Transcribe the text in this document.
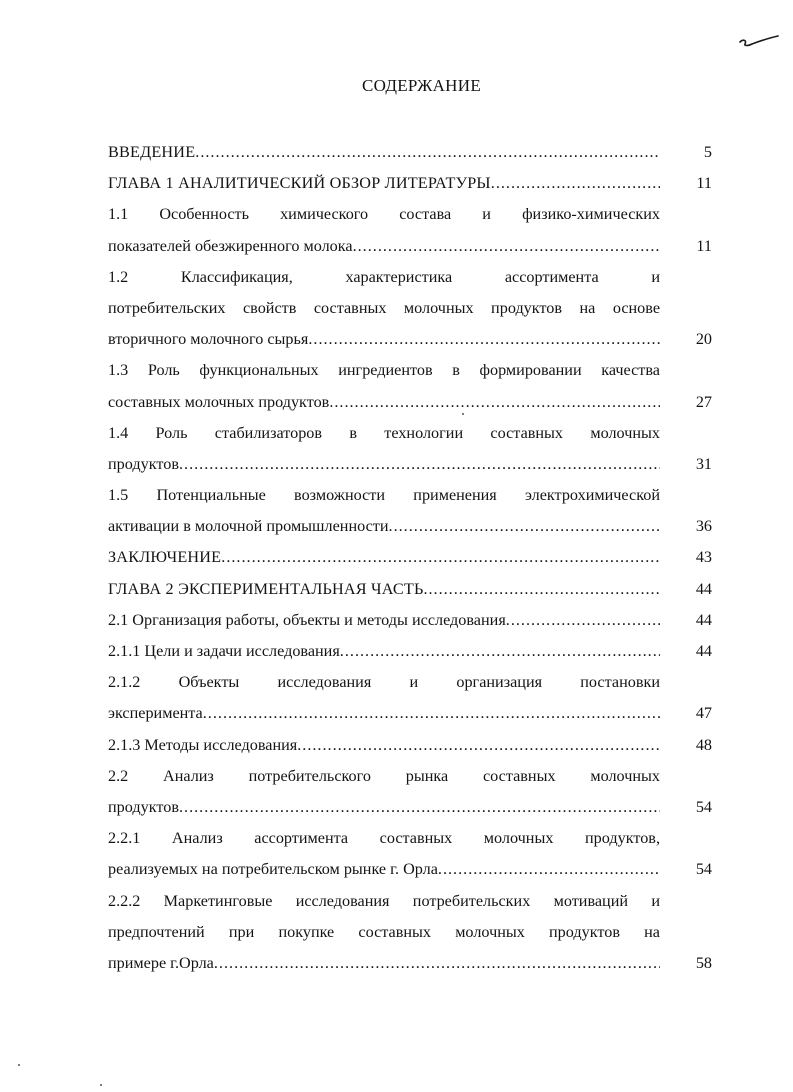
СОДЕРЖАНИЕ
ВВЕДЕНИЕ .....	5
ГЛАВА 1 АНАЛИТИЧЕСКИЙ ОБЗОР ЛИТЕРАТУРЫ .....	11
1.1 Особенность химического состава и физико-химических
показателей обезжиренного молока .....	11
1.2 Классификация, характеристика ассортимента и
потребительских свойств составных молочных продуктов на основе
вторичного молочного сырья .....	20
1.3 Роль функциональных ингредиентов в формировании качества
составных молочных продуктов .....	27
1.4 Роль стабилизаторов в технологии составных молочных
продуктов .....	31
1.5 Потенциальные возможности применения электрохимической
активации в молочной промышленности .....	36
ЗАКЛЮЧЕНИЕ .....	43
ГЛАВА 2 ЭКСПЕРИМЕНТАЛЬНАЯ ЧАСТЬ .....	44
2.1 Организация работы, объекты и методы исследования .....	44
2.1.1 Цели и задачи исследования .....	44
2.1.2 Объекты исследования и организация постановки
эксперимента .....	47
2.1.3 Методы исследования .....	48
2.2 Анализ потребительского рынка составных молочных
продуктов .....	54
2.2.1 Анализ ассортимента составных молочных продуктов,
реализуемых на потребительском рынке г. Орла .....	54
2.2.2 Маркетинговые исследования потребительских мотиваций и
предпочтений при покупке составных молочных продуктов на
примере г.Орла .....	58
